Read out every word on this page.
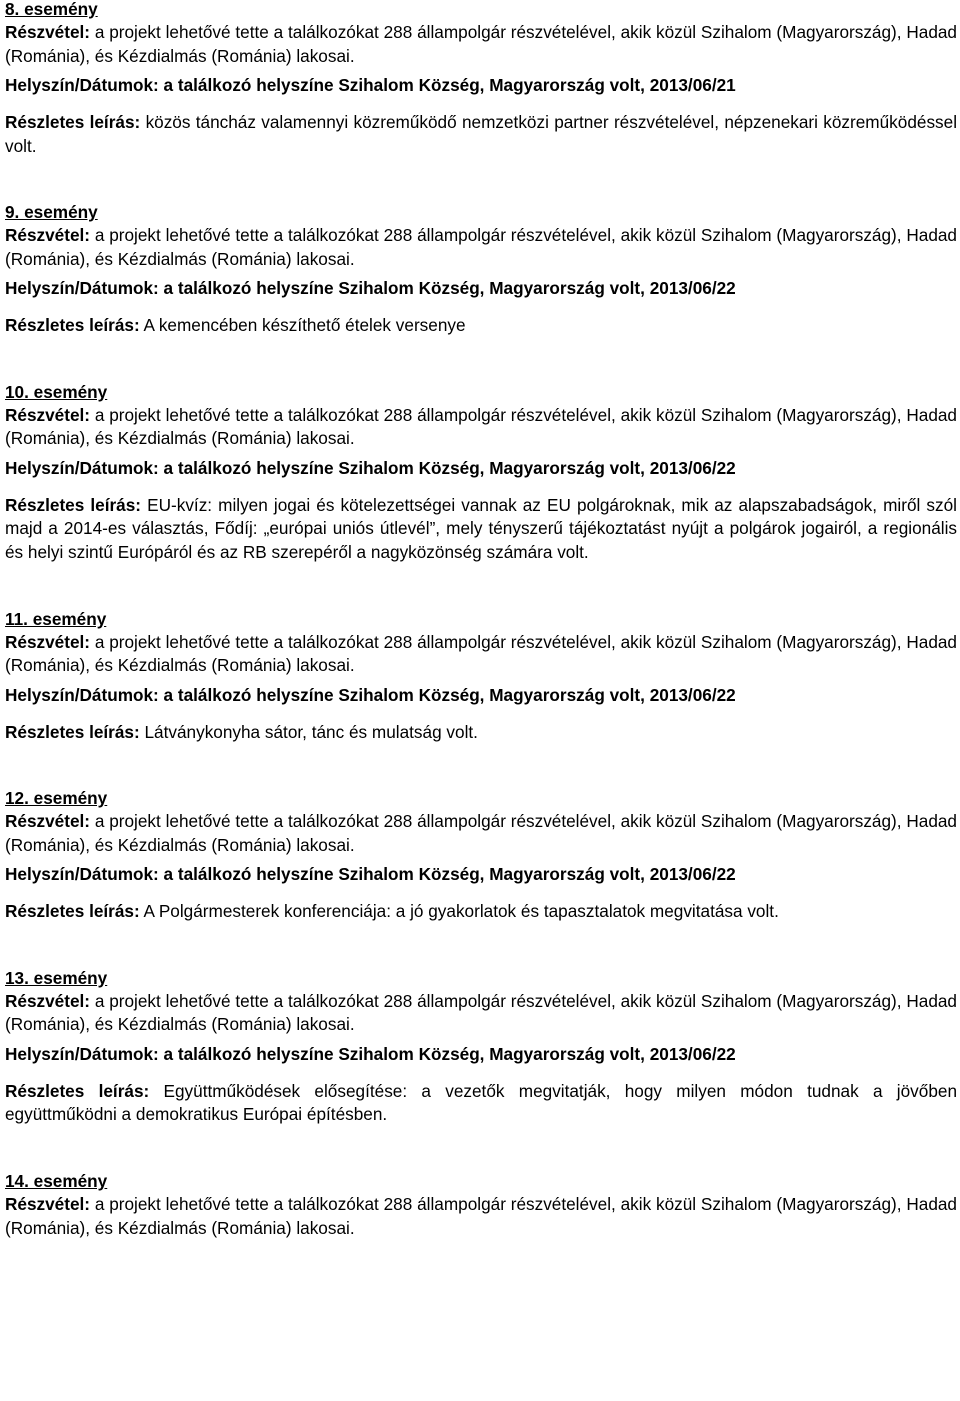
8. esemény

Részvétel: a projekt lehetővé tette a találkozókat 288 állampolgár részvételével, akik közül Szihalom (Magyarország), Hadad (Románia), és Kézdialmás (Románia) lakosai.

Helyszín/Dátumok: a találkozó helyszíne Szihalom Község, Magyarország volt, 2013/06/21

Részletes leírás: közös táncház valamennyi közreműködő nemzetközi partner részvételével, népzenekari közreműködéssel volt.

9. esemény

Részvétel: a projekt lehetővé tette a találkozókat 288 állampolgár részvételével, akik közül Szihalom (Magyarország), Hadad (Románia), és Kézdialmás (Románia) lakosai.

Helyszín/Dátumok: a találkozó helyszíne Szihalom Község, Magyarország volt, 2013/06/22

Részletes leírás: A kemencében készíthető ételek versenye

10. esemény

Részvétel: a projekt lehetővé tette a találkozókat 288 állampolgár részvételével, akik közül Szihalom (Magyarország), Hadad (Románia), és Kézdialmás (Románia) lakosai.

Helyszín/Dátumok: a találkozó helyszíne Szihalom Község, Magyarország volt, 2013/06/22

Részletes leírás: EU-kvíz: milyen jogai és kötelezettségei vannak az EU polgároknak, mik az alapszabadságok, miről szól majd a 2014-es választás, Fődíj: „európai uniós útlevél”, mely tényszerű tájékoztatást nyújt a polgárok jogairól, a regionális és helyi szintű Európáról és az RB szerepéről a nagyközönség számára volt.

11. esemény

Részvétel: a projekt lehetővé tette a találkozókat 288 állampolgár részvételével, akik közül Szihalom (Magyarország), Hadad (Románia), és Kézdialmás (Románia) lakosai.

Helyszín/Dátumok: a találkozó helyszíne Szihalom Község, Magyarország volt, 2013/06/22

Részletes leírás: Látványkonyha sátor, tánc és mulatság volt.

12. esemény

Részvétel: a projekt lehetővé tette a találkozókat 288 állampolgár részvételével, akik közül Szihalom (Magyarország), Hadad (Románia), és Kézdialmás (Románia) lakosai.

Helyszín/Dátumok: a találkozó helyszíne Szihalom Község, Magyarország volt, 2013/06/22

Részletes leírás: A Polgármesterek konferenciája: a jó gyakorlatok és tapasztalatok megvitatása volt.

13. esemény

Részvétel: a projekt lehetővé tette a találkozókat 288 állampolgár részvételével, akik közül Szihalom (Magyarország), Hadad (Románia), és Kézdialmás (Románia) lakosai.

Helyszín/Dátumok: a találkozó helyszíne Szihalom Község, Magyarország volt, 2013/06/22

Részletes leírás: Együttműködések elősegítése: a vezetők megvitatják, hogy milyen módon tudnak a jövőben együttműködni a demokratikus Európai építésben.

14. esemény

Részvétel: a projekt lehetővé tette a találkozókat 288 állampolgár részvételével, akik közül Szihalom (Magyarország), Hadad (Románia), és Kézdialmás (Románia) lakosai.
